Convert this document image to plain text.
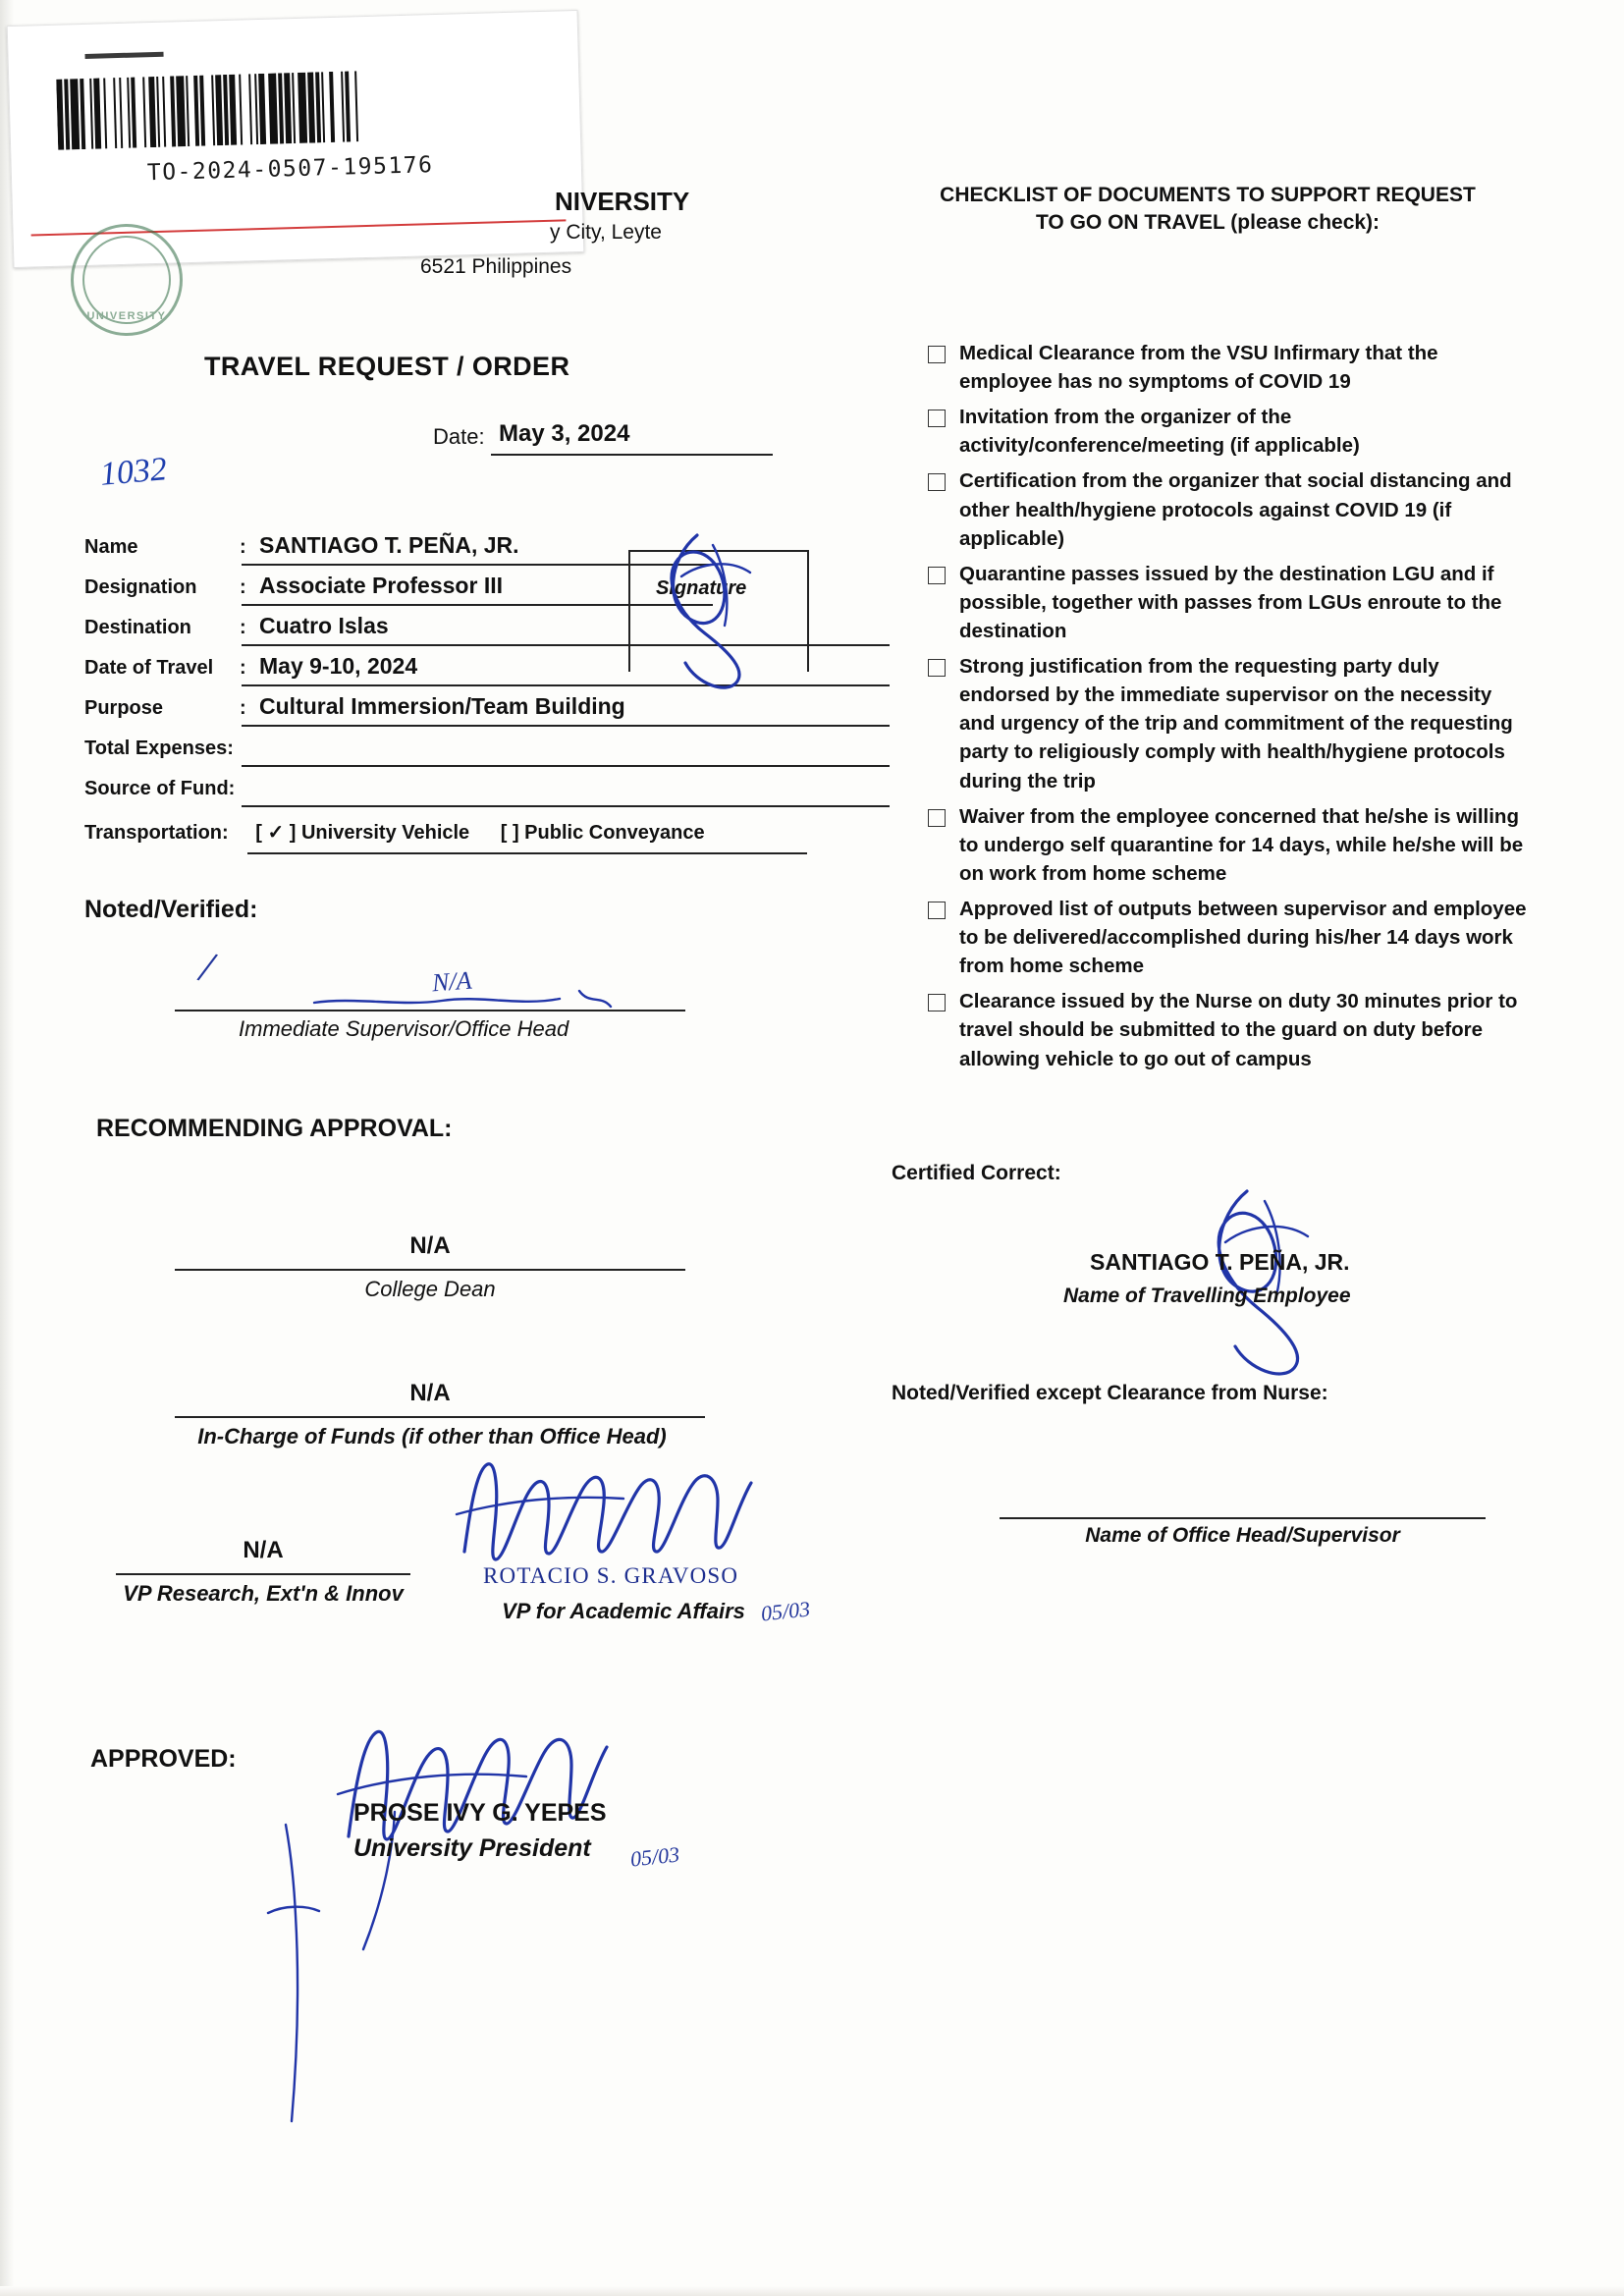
TO-2024-0507-195176
UNIVERSITY
NIVERSITY
y City, Leyte
6521 Philippines
TRAVEL REQUEST / ORDER
Date: May 3, 2024
1032
Name	: SANTIAGO T. PEÑA, JR.
Designation : Associate Professor III
Destination : Cuatro Islas
Date of Travel : May 9-10, 2024
Purpose	: Cultural Immersion/Team Building
Total Expenses:
Source of Fund:
Signature
Transportation: [ ✓ ] University Vehicle [ ] Public Conveyance
Noted/Verified:
/	N/A
Immediate Supervisor/Office Head
RECOMMENDING APPROVAL:
N/A
College Dean
N/A
In-Charge of Funds (if other than Office Head)
N/A
VP Research, Ext'n & Innov
ROTACIO S. GRAVOSO
VP for Academic Affairs 05/03
APPROVED:
PROSE IVY G. YEPES
University President 05/03
CHECKLIST OF DOCUMENTS TO SUPPORT REQUEST
TO GO ON TRAVEL (please check):
Medical Clearance from the VSU Infirmary that the employee has no symptoms of COVID 19
Invitation from the organizer of the activity/conference/meeting (if applicable)
Certification from the organizer that social distancing and other health/hygiene protocols against COVID 19 (if applicable)
Quarantine passes issued by the destination LGU and if possible, together with passes from LGUs enroute to the destination
Strong justification from the requesting party duly endorsed by the immediate supervisor on the necessity and urgency of the trip and commitment of the requesting party to religiously comply with health/hygiene protocols during the trip
Waiver from the employee concerned that he/she is willing to undergo self quarantine for 14 days, while he/she will be on work from home scheme
Approved list of outputs between supervisor and employee to be delivered/accomplished during his/her 14 days work from home scheme
Clearance issued by the Nurse on duty 30 minutes prior to travel should be submitted to the guard on duty before allowing vehicle to go out of campus
Certified Correct:
SANTIAGO T. PEÑA, JR.
Name of Travelling Employee
Noted/Verified except Clearance from Nurse:
Name of Office Head/Supervisor
